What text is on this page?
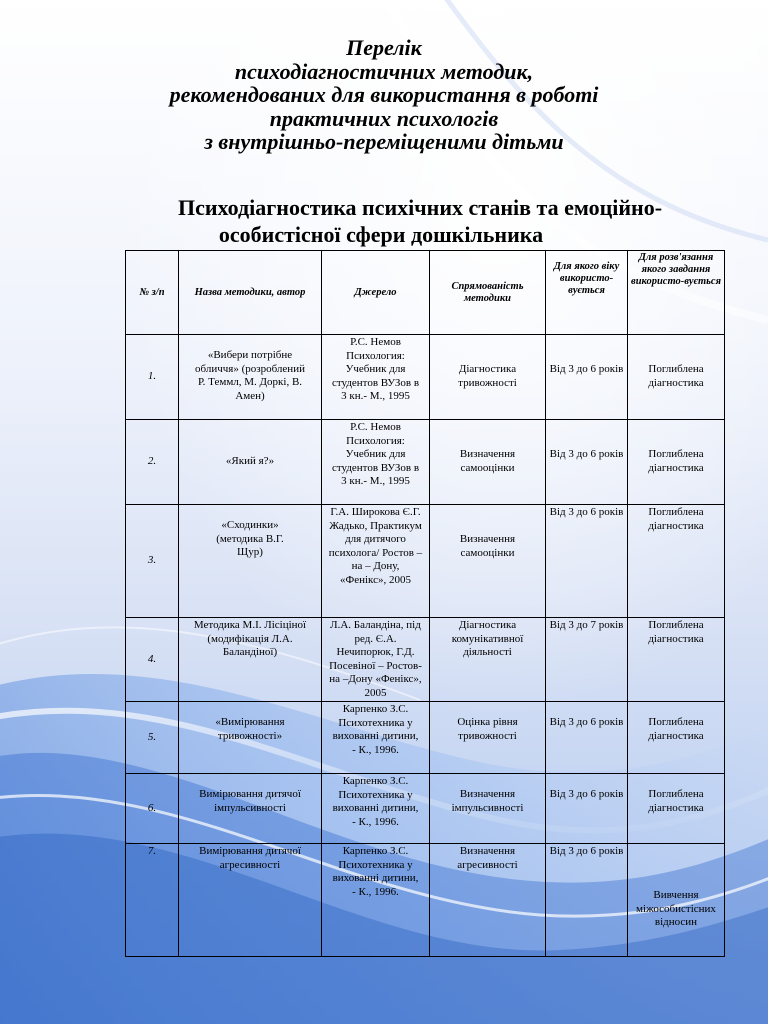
Перелік
психодіагностичних методик,
рекомендованих для використання в роботі
практичних психологів
з внутрішньо-переміщеними дітьми
Психодіагностика психічних станів та емоційно-
особистісної сфери дошкільника
№ з/п	Назва методики, автор	Джерело	Спрямованість методики	Для якого віку використо-вується	Для розв'язання якого завдання використо-вується
1.	«Вибери потрібне обличчя» (розроблений Р. Теммл, М. Доркі, В. Амен)	Р.С. Немов Психология: Учебник для студентов ВУЗов в 3 кн.- М., 1995	Діагностика тривожності	Від 3 до 6 років	Поглиблена діагностика
2.	«Який я?»	Р.С. Немов Психология: Учебник для студентов ВУЗов в 3 кн.- М., 1995	Визначення самооцінки	Від 3 до 6 років	Поглиблена діагностика
3.	«Сходинки» (методика В.Г. Щур)	Г.А. Широкова Є.Г. Жадько, Практикум для дитячого психолога/ Ростов –на – Дону, «Фенікс», 2005	Визначення самооцінки	Від 3 до 6 років	Поглиблена діагностика
4.	Методика М.І. Лісіціної (модифікація Л.А. Баландіної)	Л.А. Баландіна, під ред. Є.А. Нечипорюк, Г.Д. Посевіної – Ростов-на –Дону «Фенікс», 2005	Діагностика комунікативної діяльності	Від 3 до 7 років	Поглиблена діагностика
5.	«Вимірювання тривожності»	Карпенко З.С. Психотехника у вихованні дитини, - К., 1996.	Оцінка рівня тривожності	Від 3 до 6 років	Поглиблена діагностика
6.	Вимірювання дитячої імпульсивності	Карпенко З.С. Психотехника у вихованні дитини, - К., 1996.	Визначення імпульсивності	Від 3 до 6 років	Поглиблена діагностика
7.	Вимірювання дитячої агресивності	Карпенко З.С. Психотехника у вихованні дитини, - К., 1996.	Визначення агресивності	Від 3 до 6 років	Вивчення міжособистісних відносин
